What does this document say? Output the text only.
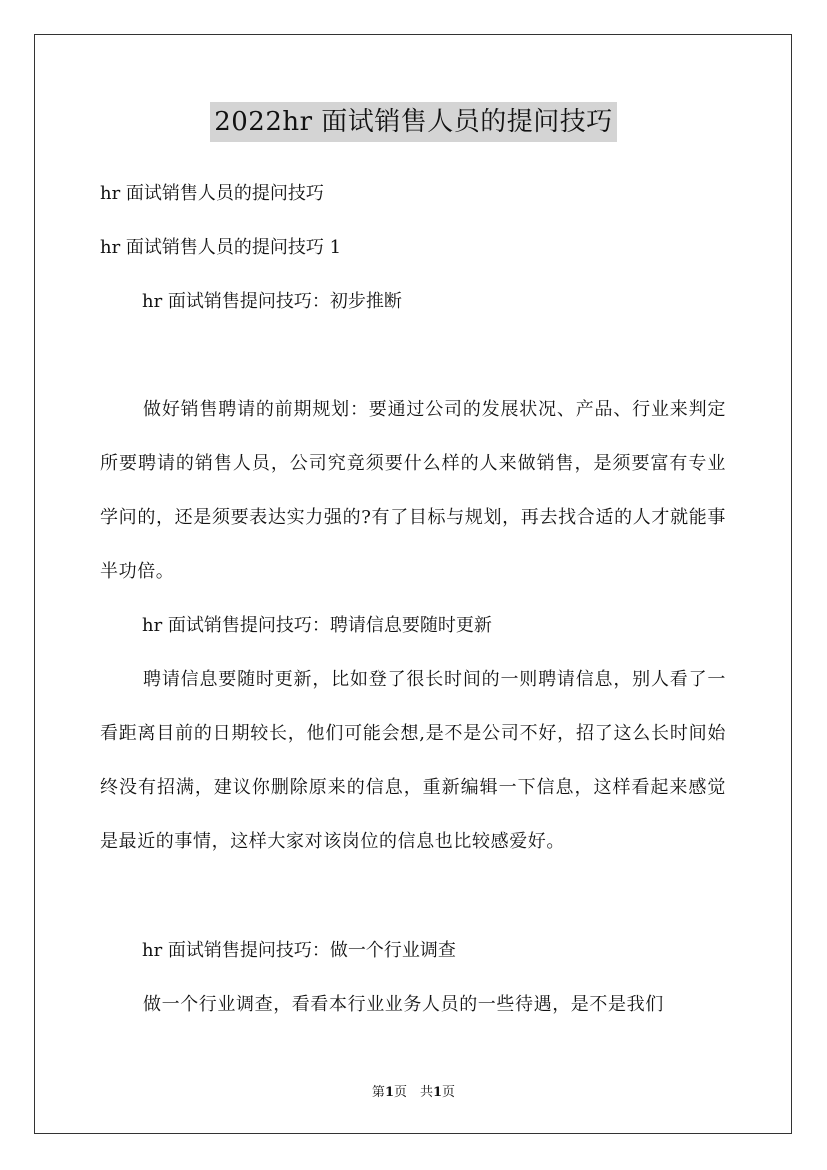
2022hr 面试销售人员的提问技巧
hr 面试销售人员的提问技巧
hr 面试销售人员的提问技巧 1
hr 面试销售提问技巧：初步推断
做好销售聘请的前期规划：要通过公司的发展状况、产品、行业来判定所要聘请的销售人员，公司究竟须要什么样的人来做销售，是须要富有专业学问的，还是须要表达实力强的?有了目标与规划，再去找合适的人才就能事半功倍。
hr 面试销售提问技巧：聘请信息要随时更新
聘请信息要随时更新，比如登了很长时间的一则聘请信息，别人看了一看距离目前的日期较长，他们可能会想,是不是公司不好，招了这么长时间始终没有招满，建议你删除原来的信息，重新编辑一下信息，这样看起来感觉是最近的事情，这样大家对该岗位的信息也比较感爱好。
hr 面试销售提问技巧：做一个行业调查
做一个行业调查，看看本行业业务人员的一些待遇，是不是我们
第1页　共1页
